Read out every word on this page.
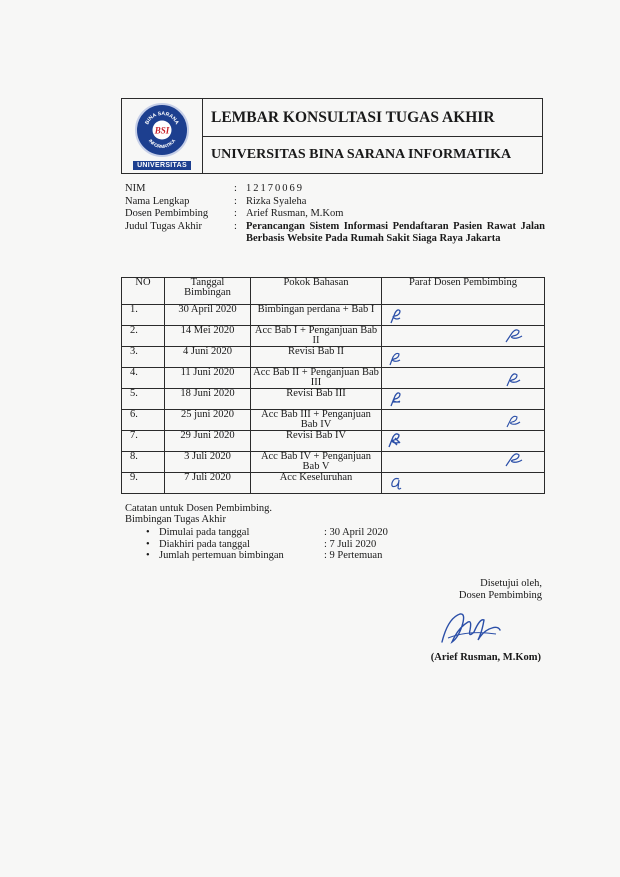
BINA SARANA
INFORMATIKA
BSI
UNIVERSITAS
LEMBAR KONSULTASI TUGAS AKHIR
UNIVERSITAS BINA SARANA INFORMATIKA
NIM	: 12170069
Nama Lengkap	: Rizka Syaleha
Dosen Pembimbing	: Arief Rusman, M.Kom
Judul Tugas Akhir	: Perancangan Sistem Informasi Pendaftaran Pasien Rawat Jalan Berbasis Website Pada Rumah Sakit Siaga Raya Jakarta
NO	Tanggal Bimbingan	Pokok Bahasan	Paraf Dosen Pembimbing
1.	30 April 2020	Bimbingan perdana + Bab I	

2.	14 Mei 2020	Acc Bab I + Penganjuan Bab II	

3.	4 Juni 2020	Revisi Bab II	

4.	11 Juni 2020	Acc Bab II + Penganjuan Bab III	

5.	18 Juni 2020	Revisi Bab III	

6.	25 juni 2020	Acc Bab III + Penganjuan Bab IV	

7.	29 Juni 2020	Revisi Bab IV	

8.	3 Juli 2020	Acc Bab IV + Penganjuan Bab V	

9.	7 Juli 2020	Acc Keseluruhan	
Catatan untuk Dosen Pembimbing.
Bimbingan Tugas Akhir
• Dimulai pada tanggal	: 30 April 2020
• Diakhiri pada tanggal	: 7 Juli 2020
• Jumlah pertemuan bimbingan	: 9 Pertemuan
Disetujui oleh,
Dosen Pembimbing
(Arief Rusman, M.Kom)
